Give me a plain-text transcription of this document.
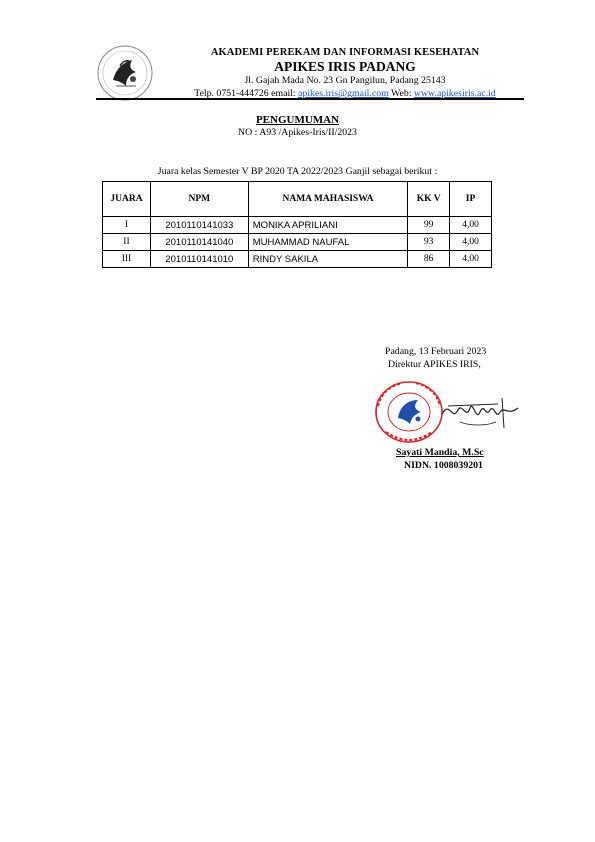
AKADEMI PEREKAM DAN INFORMASI KESEHATAN
APIKES IRIS PADANG
Jl. Gajah Mada No. 23 Gn Pangilun, Padang 25143
Telp. 0751-444726 email: apikes.iris@gmail.com Web: www.apikesiris.ac.id
PENGUMUMAN
NO : A93 /Apikes-Iris/II/2023
Juara kelas Semester V BP 2020 TA 2022/2023 Ganjil sebagai berikut :
JUARA	NPM	NAMA MAHASISWA	KK V	IP
I	2010110141033	MONIKA APRILIANI	99	4,00
II	2010110141040	MUHAMMAD NAUFAL	93	4,00
III	2010110141010	RINDY SAKILA	86	4,00
Padang, 13 Februari 2023
Direktur APIKES IRIS,
Sayati Mandia, M.Sc
NIDN. 1008039201
